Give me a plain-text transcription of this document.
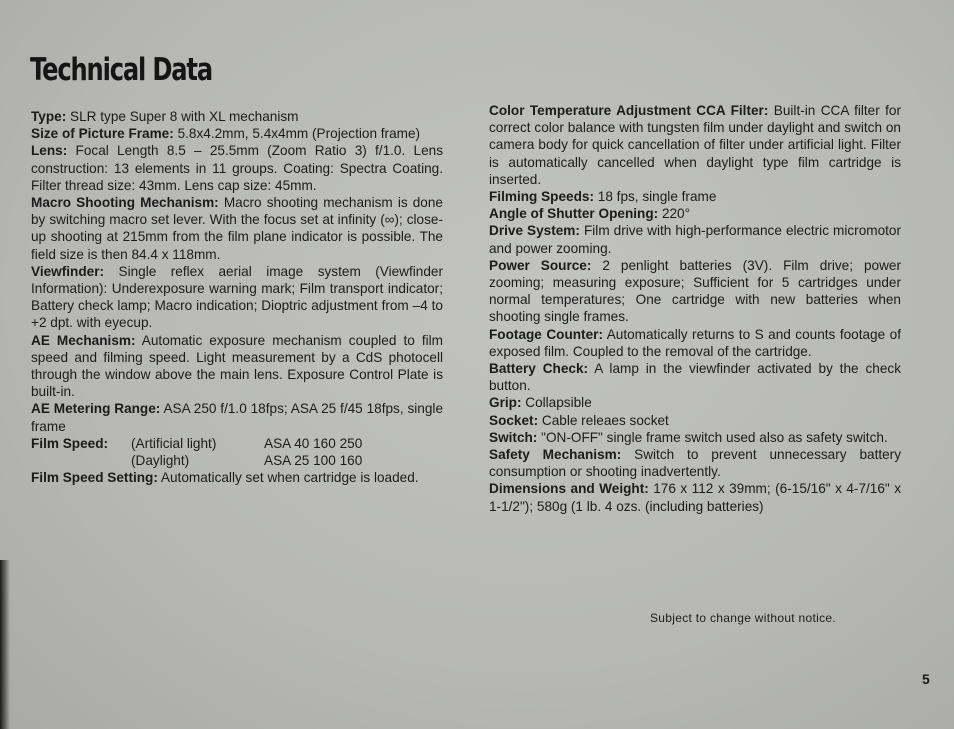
Technical Data

Type: SLR type Super 8 with XL mechanism

Size of Picture Frame: 5.8x4.2mm, 5.4x4mm (Projection frame)

Lens: Focal Length 8.5 – 25.5mm (Zoom Ratio 3) f/1.0. Lens construction: 13 elements in 11 groups. Coating: Spectra Coating. Filter thread size: 43mm. Lens cap size: 45mm.

Macro Shooting Mechanism: Macro shooting mechanism is done by switching macro set lever. With the focus set at infinity (∞); close-up shooting at 215mm from the film plane indicator is possible. The field size is then 84.4 x 118mm.

Viewfinder: Single reflex aerial image system (Viewfinder Information): Underexposure warning mark; Film transport indicator; Battery check lamp; Macro indication; Dioptric adjustment from –4 to +2 dpt. with eyecup.

AE Mechanism: Automatic exposure mechanism coupled to film speed and filming speed. Light measurement by a CdS photocell through the window above the main lens. Exposure Control Plate is built-in.

AE Metering Range: ASA 250 f/1.0 18fps; ASA 25 f/45 18fps, single frame

Film Speed:	(Artificial light)	ASA 40 160 250
(Daylight)	ASA 25 100 160

Film Speed Setting: Automatically set when cartridge is loaded.

Color Temperature Adjustment CCA Filter: Built-in CCA filter for correct color balance with tungsten film under daylight and switch on camera body for quick cancellation of filter under artificial light. Filter is automatically cancelled when daylight type film cartridge is inserted.

Filming Speeds: 18 fps, single frame

Angle of Shutter Opening: 220°

Drive System: Film drive with high-performance electric micromotor and power zooming.

Power Source: 2 penlight batteries (3V). Film drive; power zooming; measuring exposure; Sufficient for 5 cartridges under normal temperatures; One cartridge with new batteries when shooting single frames.

Footage Counter: Automatically returns to S and counts footage of exposed film. Coupled to the removal of the cartridge.

Battery Check: A lamp in the viewfinder activated by the check button.

Grip: Collapsible

Socket: Cable releaes socket

Switch: "ON-OFF" single frame switch used also as safety switch.

Safety Mechanism: Switch to prevent unnecessary battery consumption or shooting inadvertently.

Dimensions and Weight: 176 x 112 x 39mm; (6-15/16" x 4-7/16" x 1-1/2"); 580g (1 lb. 4 ozs. (including batteries)

Subject to change without notice.
5
